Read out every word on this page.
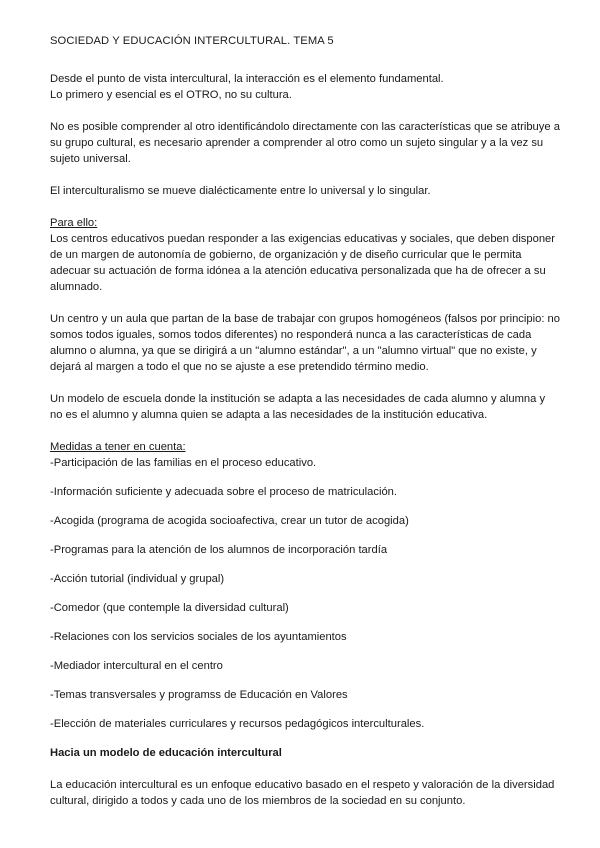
SOCIEDAD Y EDUCACIÓN INTERCULTURAL. TEMA 5

Desde el punto de vista intercultural, la interacción es el elemento fundamental.
Lo primero y esencial es el OTRO, no su cultura.

No es posible comprender al otro identificándolo directamente con las características que se atribuye a su grupo cultural, es necesario aprender a comprender al otro como un sujeto singular y a la vez su sujeto universal.

El interculturalismo se mueve dialécticamente entre lo universal y lo singular.

Para ello:
Los centros educativos puedan responder a las exigencias educativas y sociales, que deben disponer de un margen de autonomía de gobierno, de organización y de diseño curricular que le permita adecuar su actuación de forma idónea a la atención educativa personalizada que ha de ofrecer a su alumnado.

Un centro y un aula que partan de la base de trabajar con grupos homogéneos (falsos por principio: no somos todos iguales, somos todos diferentes) no responderá nunca a las características de cada alumno o alumna, ya que se dirigirá a un "alumno estándar", a un "alumno virtual" que no existe, y dejará al margen a todo el que no se ajuste a ese pretendido término medio.

Un modelo de escuela donde la institución se adapta a las necesidades de cada alumno y alumna y no es el alumno y alumna quien se adapta a las necesidades de la institución educativa.

Medidas a tener en cuenta:
-Participación de las familias en el proceso educativo.
-Información suficiente y adecuada sobre el proceso de matriculación.
-Acogida (programa de acogida socioafectiva, crear un tutor de acogida)
-Programas para la atención de los alumnos de incorporación tardía
-Acción tutorial (individual y grupal)
-Comedor (que contemple la diversidad cultural)
-Relaciones con los servicios sociales de los ayuntamientos
-Mediador intercultural en el centro
-Temas transversales y programss de Educación en Valores
-Elección de materiales curriculares y recursos pedagógicos interculturales.
Hacia un modelo de educación intercultural

La educación intercultural es un enfoque educativo basado en el respeto y valoración de la diversidad cultural, dirigido a todos y cada uno de los miembros de la sociedad en su conjunto.
